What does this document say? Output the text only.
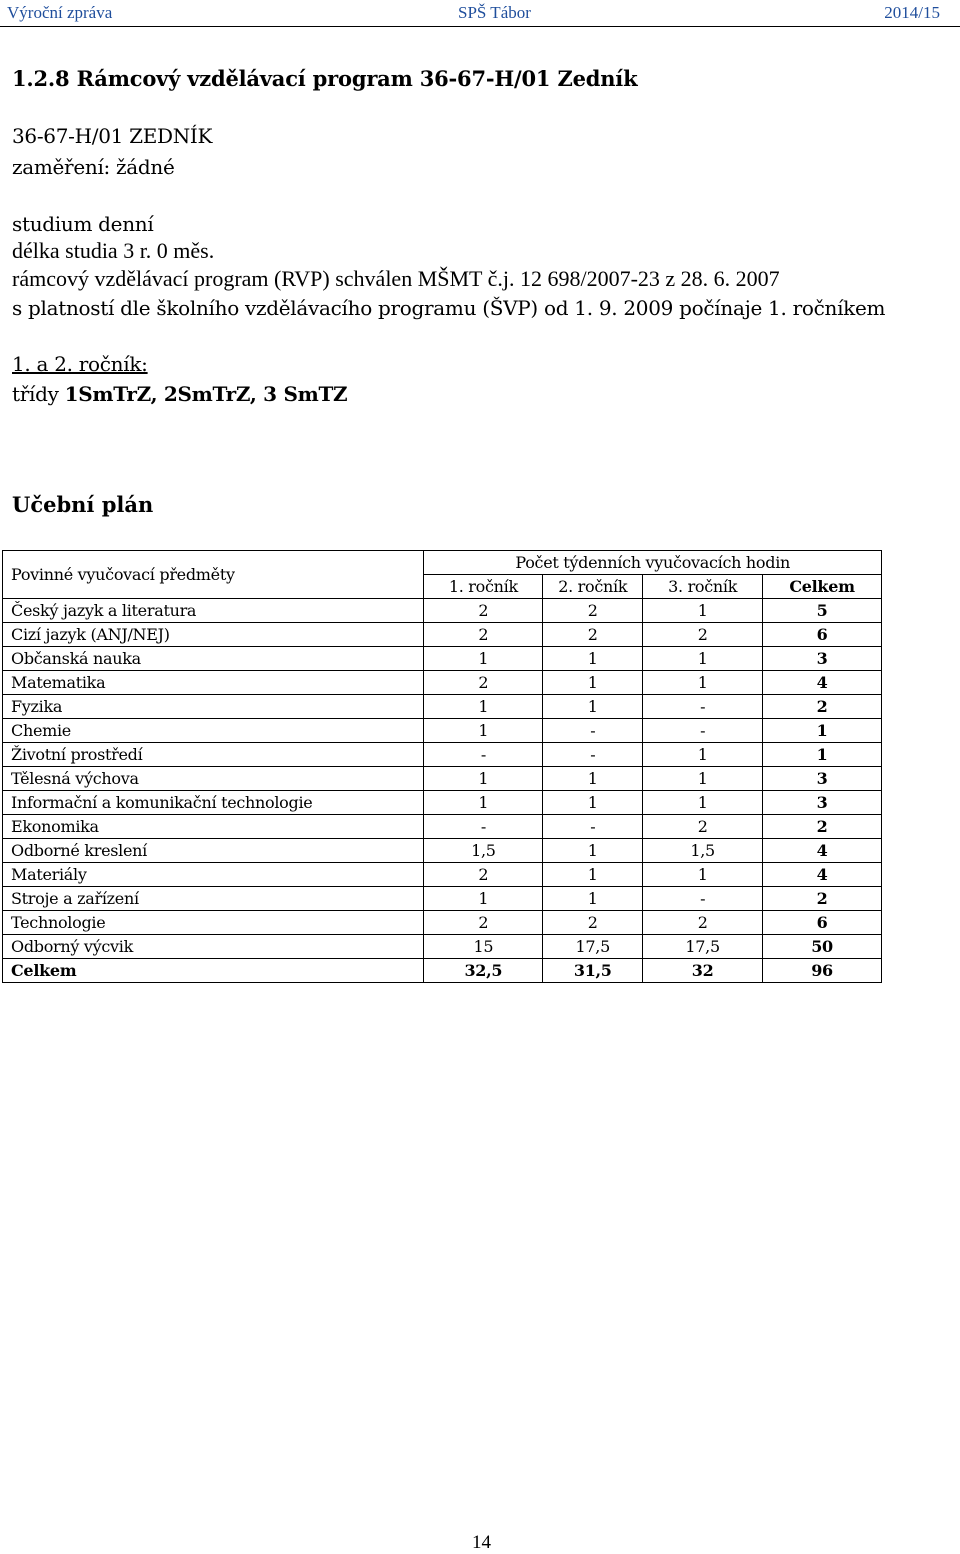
Výroční zpráva	SPŠ Tábor	2014/15
1.2.8 Rámcový vzdělávací program 36-67-H/01 Zedník
36-67-H/01 ZEDNÍK
zaměření: žádné
studium denní
délka studia 3 r. 0 měs.
rámcový vzdělávací program (RVP) schválen MŠMT č.j. 12 698/2007-23 z 28. 6. 2007
s platností dle školního vzdělávacího programu (ŠVP) od 1. 9. 2009 počínaje 1. ročníkem
1. a 2. ročník:
třídy 1SmTrZ, 2SmTrZ, 3 SmTZ
Učební plán
Povinné vyučovací předměty	Počet týdenních vyučovacích hodin			
	1. ročník	2. ročník	3. ročník	Celkem
Český jazyk a literatura	2	2	1	5
Cizí jazyk (ANJ/NEJ)	2	2	2	6
Občanská nauka	1	1	1	3
Matematika	2	1	1	4
Fyzika	1	1	-	2
Chemie	1	-	-	1
Životní prostředí	-	-	1	1
Tělesná výchova	1	1	1	3
Informační a komunikační technologie	1	1	1	3
Ekonomika	-	-	2	2
Odborné kreslení	1,5	1	1,5	4
Materiály	2	1	1	4
Stroje a zařízení	1	1	-	2
Technologie	2	2	2	6
Odborný výcvik	15	17,5	17,5	50
Celkem	32,5	31,5	32	96
14
